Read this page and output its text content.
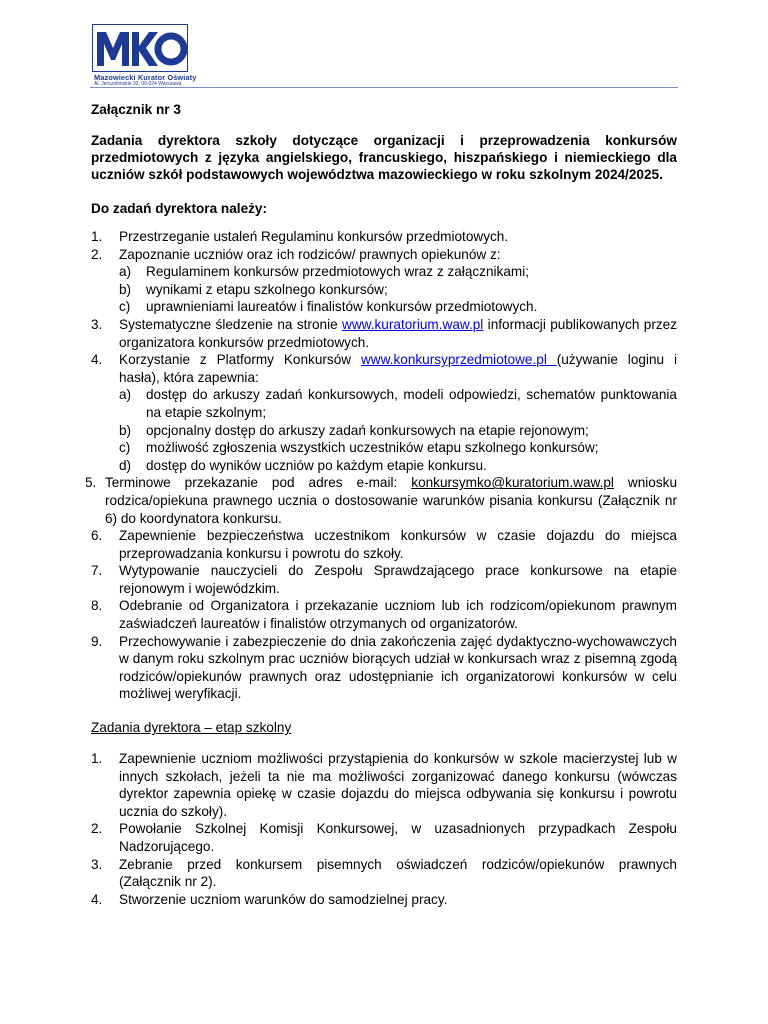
Mazowiecki Kurator Oświaty
Al. Jerozolimskie 32, 00-024 Warszawa

Załącznik nr 3

Zadania dyrektora szkoły dotyczące organizacji i przeprowadzenia konkursów przedmiotowych z języka angielskiego, francuskiego, hiszpańskiego i niemieckiego dla uczniów szkół podstawowych województwa mazowieckiego w roku szkolnym 2024/2025.

Do zadań dyrektora należy:

1. Przestrzeganie ustaleń Regulaminu konkursów przedmiotowych.
2. Zapoznanie uczniów oraz ich rodziców/ prawnych opiekunów z:
a) Regulaminem konkursów przedmiotowych wraz z załącznikami;
b) wynikami z etapu szkolnego konkursów;
c) uprawnieniami laureatów i finalistów konkursów przedmiotowych.
3. Systematyczne śledzenie na stronie www.kuratorium.waw.pl informacji publikowanych przez organizatora konkursów przedmiotowych.
4. Korzystanie z Platformy Konkursów www.konkursyprzedmiotowe.pl (używanie loginu i hasła), która zapewnia:
a) dostęp do arkuszy zadań konkursowych, modeli odpowiedzi, schematów punktowania na etapie szkolnym;
b) opcjonalny dostęp do arkuszy zadań konkursowych na etapie rejonowym;
c) możliwość zgłoszenia wszystkich uczestników etapu szkolnego konkursów;
d) dostęp do wyników uczniów po każdym etapie konkursu.
5. Terminowe przekazanie pod adres e-mail: konkursymko@kuratorium.waw.pl wniosku rodzica/opiekuna prawnego ucznia o dostosowanie warunków pisania konkursu (Załącznik nr 6) do koordynatora konkursu.
6. Zapewnienie bezpieczeństwa uczestnikom konkursów w czasie dojazdu do miejsca przeprowadzania konkursu i powrotu do szkoły.
7. Wytypowanie nauczycieli do Zespołu Sprawdzającego prace konkursowe na etapie rejonowym i wojewódzkim.
8. Odebranie od Organizatora i przekazanie uczniom lub ich rodzicom/opiekunom prawnym zaświadczeń laureatów i finalistów otrzymanych od organizatorów.
9. Przechowywanie i zabezpieczenie do dnia zakończenia zajęć dydaktyczno-wychowawczych w danym roku szkolnym prac uczniów biorących udział w konkursach wraz z pisemną zgodą rodziców/opiekunów prawnych oraz udostępnianie ich organizatorowi konkursów w celu możliwej weryfikacji.

Zadania dyrektora – etap szkolny

1. Zapewnienie uczniom możliwości przystąpienia do konkursów w szkole macierzystej lub w innych szkołach, jeżeli ta nie ma możliwości zorganizować danego konkursu (wówczas dyrektor zapewnia opiekę w czasie dojazdu do miejsca odbywania się konkursu i powrotu ucznia do szkoły).
2. Powołanie Szkolnej Komisji Konkursowej, w uzasadnionych przypadkach Zespołu Nadzorującego.
3. Zebranie przed konkursem pisemnych oświadczeń rodziców/opiekunów prawnych (Załącznik nr 2).
4. Stworzenie uczniom warunków do samodzielnej pracy.
